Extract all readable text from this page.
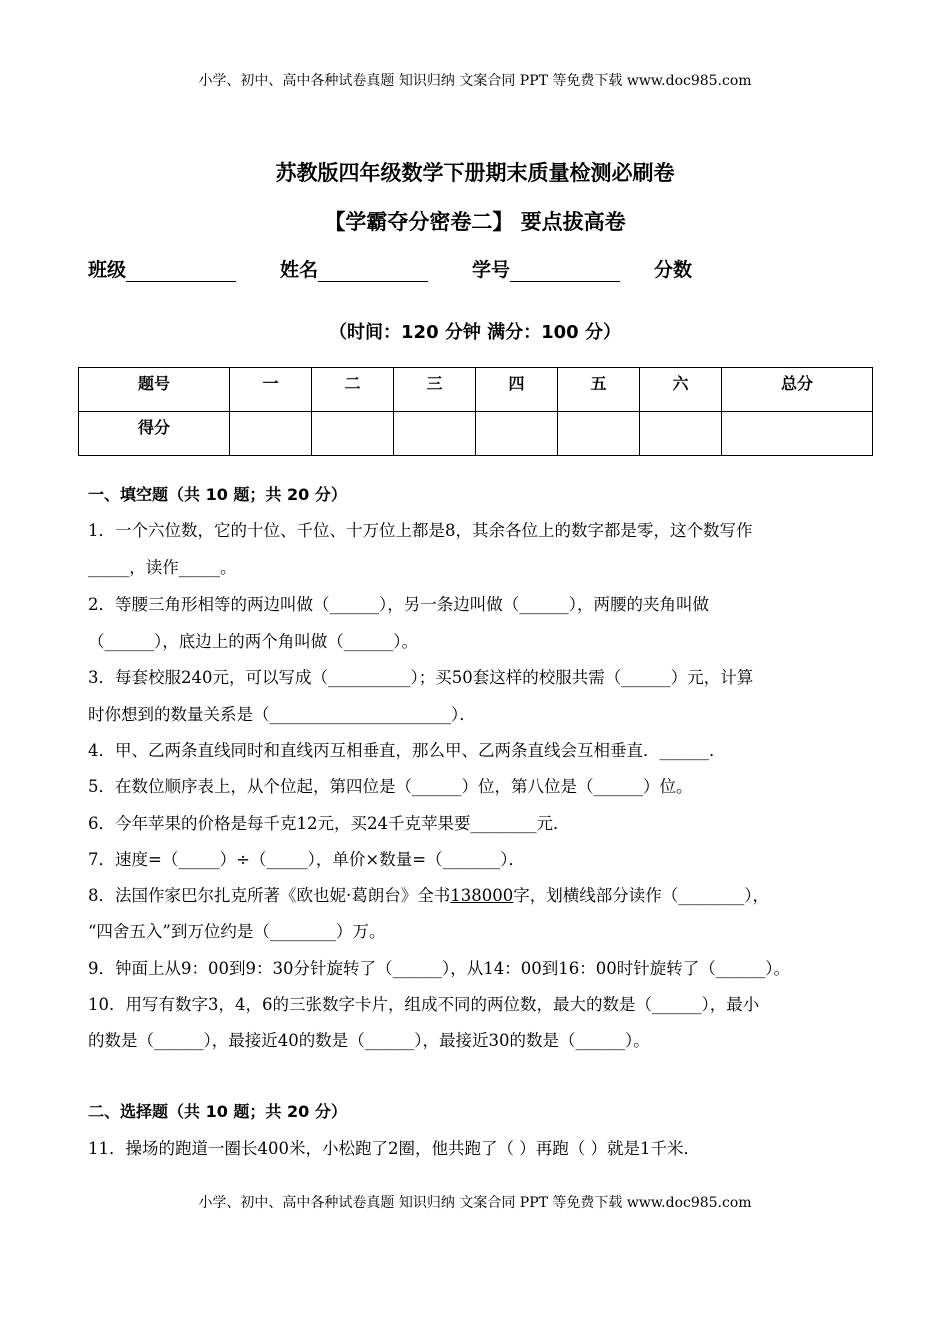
小学、初中、高中各种试卷真题 知识归纳 文案合同 PPT 等免费下载 www.doc985.com
苏教版四年级数学下册期末质量检测必刷卷
【学霸夺分密卷二】 要点拔高卷
班级	姓名	学号	分数
（时间：120 分钟 满分：100 分）
题号	一	二	三	四	五	六	总分
得分							
一、填空题（共 10 题；共 20 分）
1．一个六位数，它的十位、千位、十万位上都是8，其余各位上的数字都是零，这个数写作
_____，读作_____。
2．等腰三角形相等的两边叫做（______），另一条边叫做（______），两腰的夹角叫做
（______），底边上的两个角叫做（______）。
3．每套校服240元，可以写成（__________）；买50套这样的校服共需（______）元，计算
时你想到的数量关系是（______________________）．
4．甲、乙两条直线同时和直线丙互相垂直，那么甲、乙两条直线会互相垂直．______．
5．在数位顺序表上，从个位起，第四位是（______）位，第八位是（______）位。
6．今年苹果的价格是每千克12元，买24千克苹果要________元．
7．速度=（_____）÷（_____），单价×数量=（_______）．
8．法国作家巴尔扎克所著《欧也妮·葛朗台》全书138000字，划横线部分读作（________），
“四舍五入”到万位约是（________）万。
9．钟面上从9：00到9：30分针旋转了（______），从14：00到16：00时针旋转了（______）。
10．用写有数字3，4，6的三张数字卡片，组成不同的两位数，最大的数是（______），最小
的数是（______），最接近40的数是（______），最接近30的数是（______）。
二、选择题（共 10 题；共 20 分）
11．操场的跑道一圈长400米，小松跑了2圈，他共跑了（ ）再跑（ ）就是1千米．
小学、初中、高中各种试卷真题 知识归纳 文案合同 PPT 等免费下载 www.doc985.com
